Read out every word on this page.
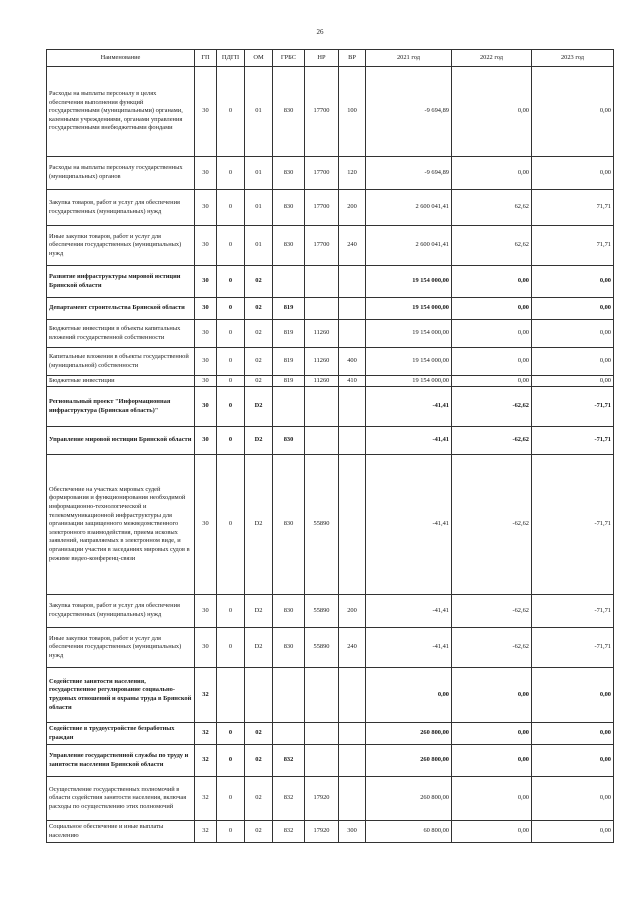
26
Наименование	ГП	ПДГП	ОМ	ГРБС	НР	ВР	2021 год	2022 год	2023 год
Расходы на выплаты персоналу в целях обеспечения выполнения функций государственными (муниципальными) органами, казенными учреждениями, органами управления государственными внебюджетными фондами	30	0	01	830	17700	100	-9 694,89	0,00	0,00
Расходы на выплаты персоналу государственных (муниципальных) органов	30	0	01	830	17700	120	-9 694,89	0,00	0,00
Закупка товаров, работ и услуг для обеспечения государственных (муниципальных) нужд	30	0	01	830	17700	200	2 600 041,41	62,62	71,71
Иные закупки товаров, работ и услуг для обеспечения государственных (муниципальных) нужд	30	0	01	830	17700	240	2 600 041,41	62,62	71,71
Развитие инфраструктуры мировой юстиции Брянской области	30	0	02				19 154 000,00	0,00	0,00
Департамент строительства Брянской области	30	0	02	819			19 154 000,00	0,00	0,00
Бюджетные инвестиции в объекты капитальных вложений государственной собственности	30	0	02	819	11260		19 154 000,00	0,00	0,00
Капитальные вложения в объекты государственной (муниципальной) собственности	30	0	02	819	11260	400	19 154 000,00	0,00	0,00
Бюджетные инвестиции	30	0	02	819	11260	410	19 154 000,00	0,00	0,00
Региональный проект "Информационная инфраструктура (Брянская область)"	30	0	D2				-41,41	-62,62	-71,71
Управление мировой юстиции Брянской области	30	0	D2	830			-41,41	-62,62	-71,71
Обеспечение на участках мировых судей формирования и функционирования необходимой информационно-технологической и телекоммуникационной инфраструктуры для организации защищенного межведомственного электронного взаимодействия, приема исковых заявлений, направляемых в электронном виде, и организации участия в заседаниях мировых судов в режиме видео-конференц-связи	30	0	D2	830	55890		-41,41	-62,62	-71,71
Закупка товаров, работ и услуг для обеспечения государственных (муниципальных) нужд	30	0	D2	830	55890	200	-41,41	-62,62	-71,71
Иные закупки товаров, работ и услуг для обеспечения государственных (муниципальных) нужд	30	0	D2	830	55890	240	-41,41	-62,62	-71,71
Содействие занятости населения, государственное регулирование социально-трудовых отношений и охраны труда в Брянской области	32						0,00	0,00	0,00
Содействие в трудоустройстве безработных граждан	32	0	02				260 800,00	0,00	0,00
Управление государственной службы по труду и занятости населения Брянской области	32	0	02	832			260 800,00	0,00	0,00
Осуществление государственных полномочий в области содействия занятости населения, включая расходы по осуществлению этих полномочий	32	0	02	832	17920		260 800,00	0,00	0,00
Социальное обеспечение и иные выплаты населению	32	0	02	832	17920	300	60 800,00	0,00	0,00
